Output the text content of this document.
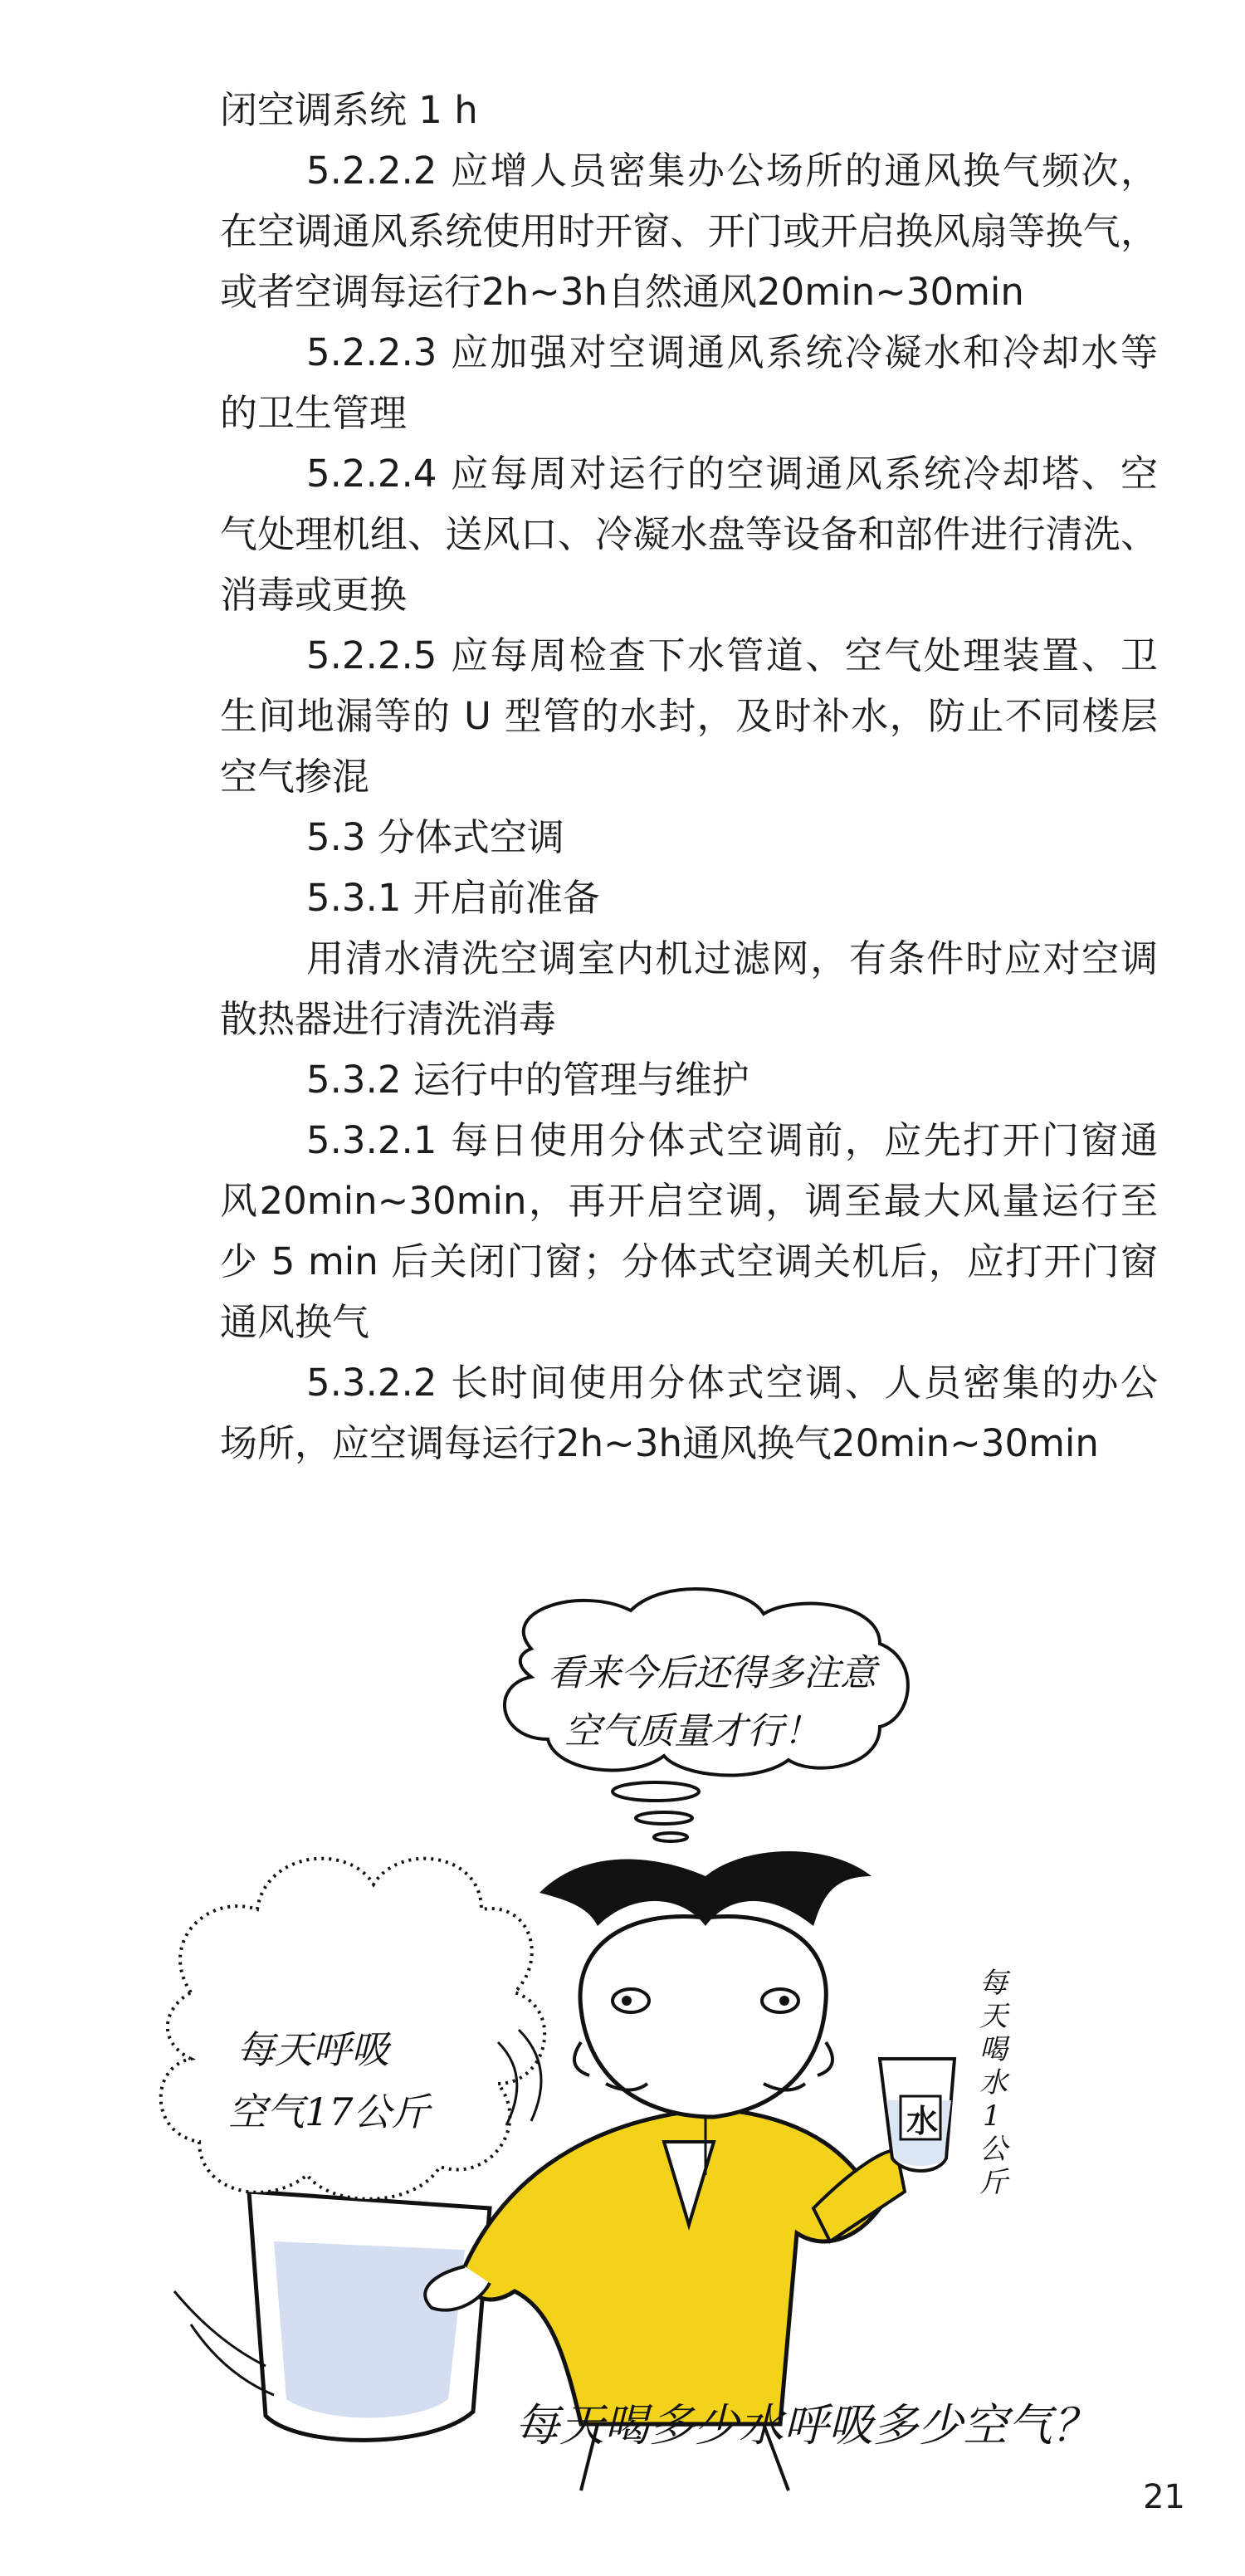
闭空调系统 1 h

5.2.2.2 应增人员密集办公场所的通风换气频次，在空调通风系统使用时开窗、开门或开启换风扇等换气，或者空调每运行2h~3h自然通风20min~30min

5.2.2.3 应加强对空调通风系统冷凝水和冷却水等的卫生管理

5.2.2.4 应每周对运行的空调通风系统冷却塔、空气处理机组、送风口、冷凝水盘等设备和部件进行清洗、消毒或更换

5.2.2.5 应每周检查下水管道、空气处理装置、卫生间地漏等的 U 型管的水封，及时补水，防止不同楼层空气掺混

5.3 分体式空调

5.3.1 开启前准备

用清水清洗空调室内机过滤网，有条件时应对空调散热器进行清洗消毒

5.3.2 运行中的管理与维护

5.3.2.1 每日使用分体式空调前，应先打开门窗通风20min~30min，再开启空调，调至最大风量运行至少 5 min 后关闭门窗；分体式空调关机后，应打开门窗通风换气

5.3.2.2 长时间使用分体式空调、人员密集的办公场所，应空调每运行2h~3h通风换气20min~30min

看来今后还得多注意
空气质量才行！
每天呼吸
空气17公斤	水
每
天
喝
水
1
公
斤
每天喝多少水呼吸多少空气？
21
